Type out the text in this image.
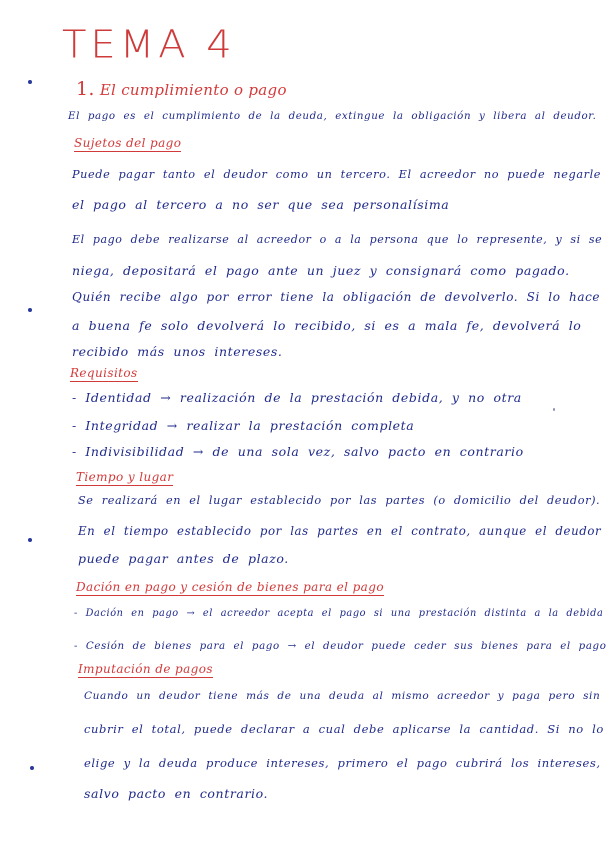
TEMA 4
1. El cumplimiento o pago
El pago es el cumplimiento de la deuda, extingue la obligación y libera al deudor.
Sujetos del pago
Puede pagar tanto el deudor como un tercero. El acreedor no puede negarle
el pago al tercero a no ser que sea personalísima
El pago debe realizarse al acreedor o a la persona que lo represente, y si se
niega, depositará el pago ante un juez y consignará como pagado.
Quién recibe algo por error tiene la obligación de devolverlo. Si lo hace
a buena fe solo devolverá lo recibido, si es a mala fe, devolverá lo
recibido más unos intereses.
Requisitos
- Identidad → realización de la prestación debida, y no otra
- Integridad → realizar la prestación completa
- Indivisibilidad → de una sola vez, salvo pacto en contrario
Tiempo y lugar
Se realizará en el lugar establecido por las partes (o domicilio del deudor).
En el tiempo establecido por las partes en el contrato, aunque el deudor
puede pagar antes de plazo.
Dación en pago y cesión de bienes para el pago
- Dación en pago → el acreedor acepta el pago si una prestación distinta a la debida
- Cesión de bienes para el pago → el deudor puede ceder sus bienes para el pago
Imputación de pagos
Cuando un deudor tiene más de una deuda al mismo acreedor y paga pero sin
cubrir el total, puede declarar a cual debe aplicarse la cantidad. Si no lo
elige y la deuda produce intereses, primero el pago cubrirá los intereses,
salvo pacto en contrario.
